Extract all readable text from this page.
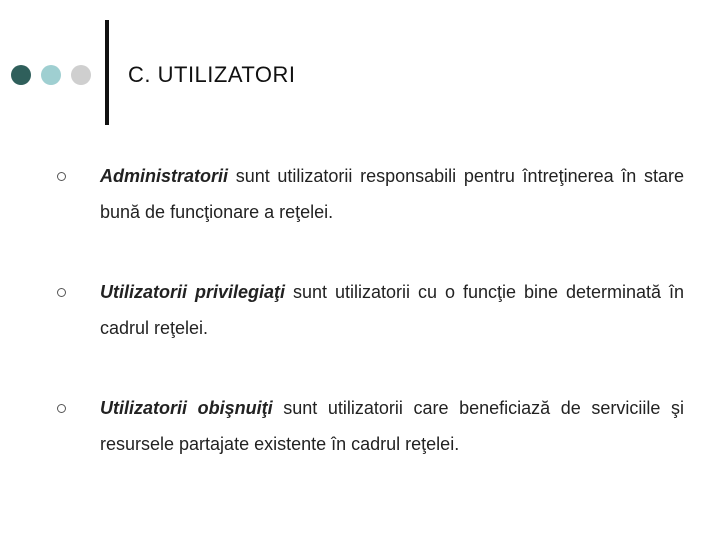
C. UTILIZATORI
Administratorii sunt utilizatorii responsabili pentru întreţinerea în stare bună de funcţionare a reţelei.
Utilizatorii privilegiaţi sunt utilizatorii cu o funcţie bine determinată în cadrul reţelei.
Utilizatorii obişnuiţi sunt utilizatorii care beneficiază de serviciile şi resursele partajate existente în cadrul reţelei.
